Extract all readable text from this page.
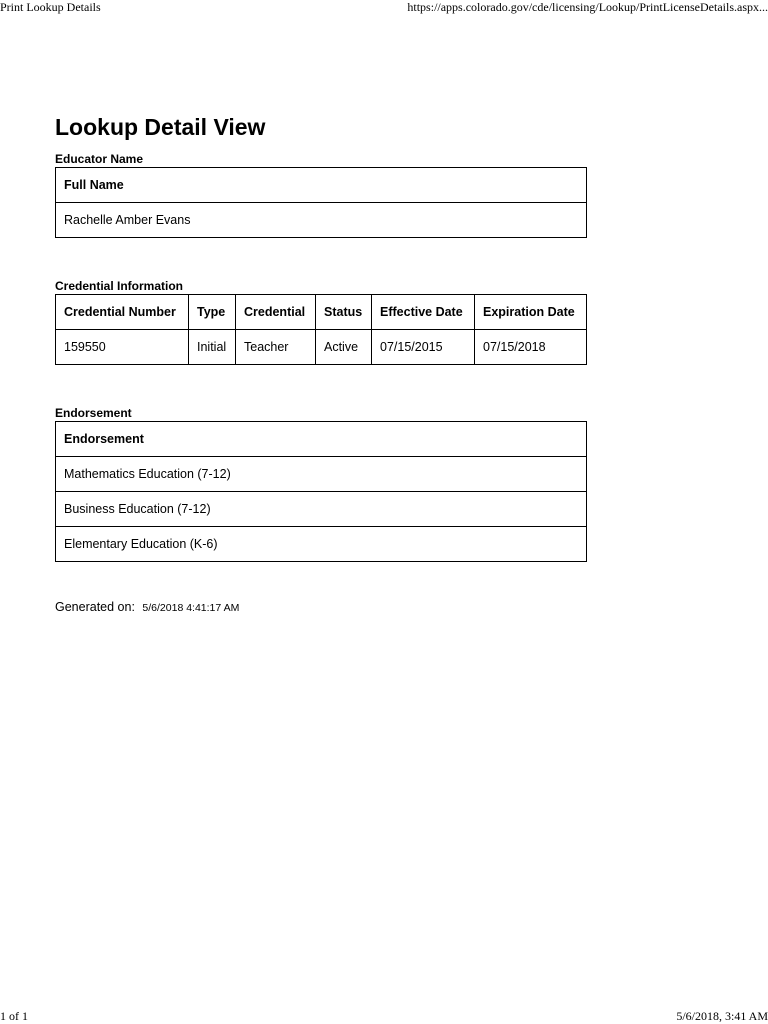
Print Lookup Details	https://apps.colorado.gov/cde/licensing/Lookup/PrintLicenseDetails.aspx...
Lookup Detail View
Educator Name
Full Name
Rachelle Amber Evans
Credential Information
Credential Number	Type	Credential	Status	Effective Date	Expiration Date
159550	Initial	Teacher	Active	07/15/2015	07/15/2018
Endorsement
Endorsement
Mathematics Education (7-12)
Business Education (7-12)
Elementary Education (K-6)
Generated on: 5/6/2018 4:41:17 AM
1 of 1	5/6/2018, 3:41 AM
